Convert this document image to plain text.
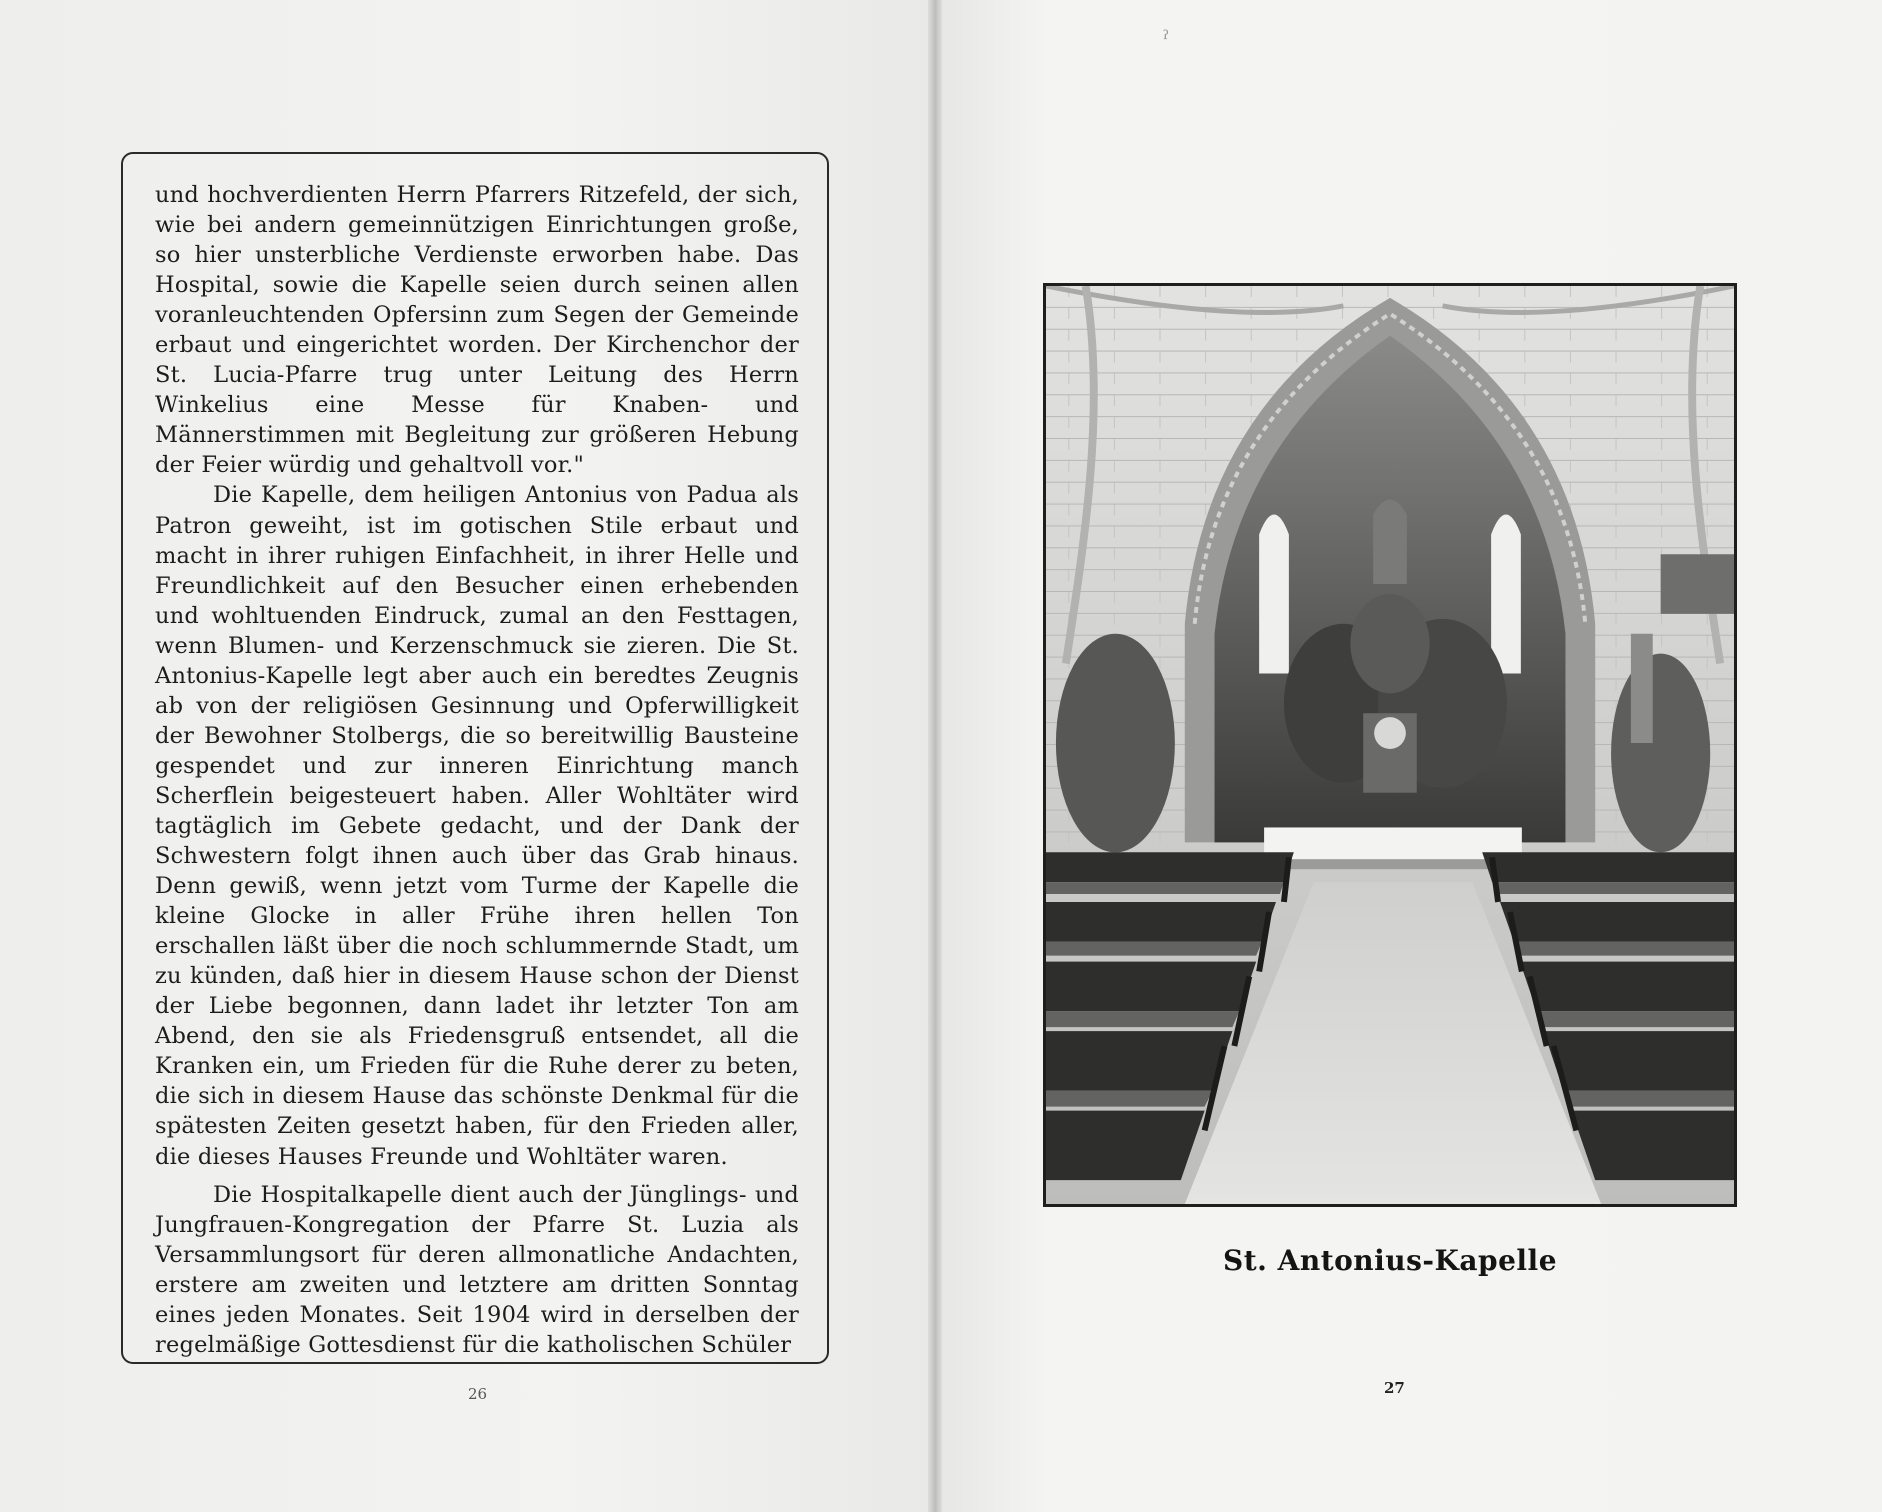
und hochverdienten Herrn Pfarrers Ritzefeld, der sich, wie bei andern gemeinnützigen Einrichtungen große, so hier unsterbliche Verdienste erworben habe. Das Hospital, sowie die Kapelle seien durch seinen allen voranleuchtenden Opfersinn zum Segen der Gemeinde erbaut und eingerichtet worden. Der Kirchenchor der St. Lucia-Pfarre trug unter Leitung des Herrn Winkelius eine Messe für Knaben- und Männerstimmen mit Begleitung zur größeren Hebung der Feier würdig und gehaltvoll vor."

Die Kapelle, dem heiligen Antonius von Padua als Patron geweiht, ist im gotischen Stile erbaut und macht in ihrer ruhigen Einfachheit, in ihrer Helle und Freundlichkeit auf den Besucher einen erhebenden und wohltuenden Eindruck, zumal an den Festtagen, wenn Blumen- und Kerzenschmuck sie zieren. Die St. Antonius-Kapelle legt aber auch ein beredtes Zeugnis ab von der religiösen Gesinnung und Opferwilligkeit der Bewohner Stolbergs, die so bereitwillig Bausteine gespendet und zur inneren Einrichtung manch Scherflein beigesteuert haben. Aller Wohltäter wird tagtäglich im Gebete gedacht, und der Dank der Schwestern folgt ihnen auch über das Grab hinaus. Denn gewiß, wenn jetzt vom Turme der Kapelle die kleine Glocke in aller Frühe ihren hellen Ton erschallen läßt über die noch schlummernde Stadt, um zu künden, daß hier in diesem Hause schon der Dienst der Liebe begonnen, dann ladet ihr letzter Ton am Abend, den sie als Friedensgruß entsendet, all die Kranken ein, um Frieden für die Ruhe derer zu beten, die sich in diesem Hause das schönste Denkmal für die spätesten Zeiten gesetzt haben, für den Frieden aller, die dieses Hauses Freunde und Wohltäter waren.

Die Hospitalkapelle dient auch der Jünglings- und Jungfrauen-Kongregation der Pfarre St. Luzia als Versammlungsort für deren allmonatliche Andachten, erstere am zweiten und letztere am dritten Sonntag eines jeden Monates. Seit 1904 wird in derselben der regelmäßige Gottesdienst für die katholischen Schüler

26
St. Antonius-Kapelle
27
ˀ
